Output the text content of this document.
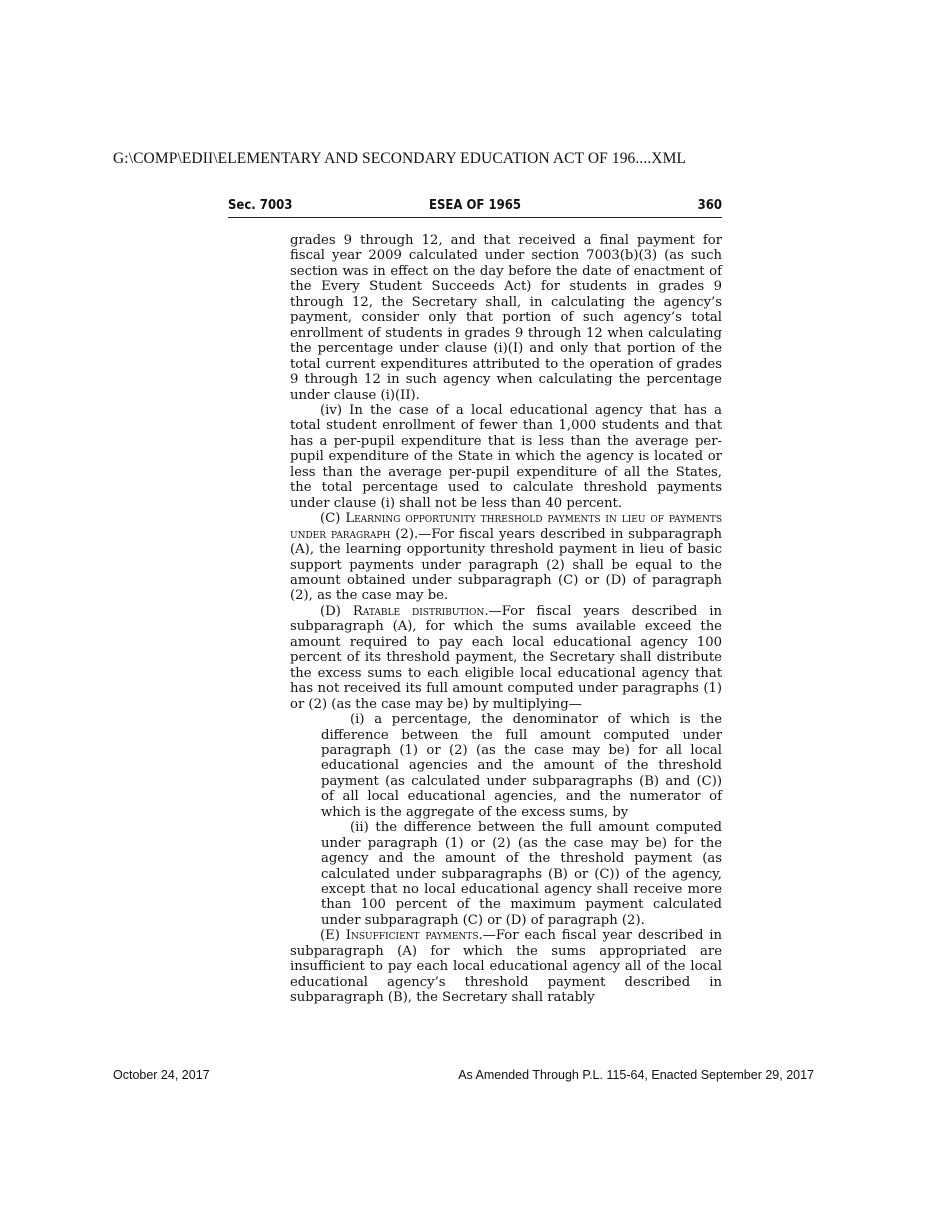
G:\COMP\EDII\ELEMENTARY AND SECONDARY EDUCATION ACT OF 196....XML
Sec. 7003	ESEA OF 1965	360

grades 9 through 12, and that received a final payment for fiscal year 2009 calculated under section 7003(b)(3) (as such section was in effect on the day before the date of enactment of the Every Student Succeeds Act) for students in grades 9 through 12, the Secretary shall, in calculating the agency’s payment, consider only that portion of such agency’s total enrollment of students in grades 9 through 12 when calculating the percentage under clause (i)(I) and only that portion of the total current expenditures attributed to the operation of grades 9 through 12 in such agency when calculating the percentage under clause (i)(II).

(iv) In the case of a local educational agency that has a total student enrollment of fewer than 1,000 students and that has a per-pupil expenditure that is less than the average per-pupil expenditure of the State in which the agency is located or less than the average per-pupil expenditure of all the States, the total percentage used to calculate threshold payments under clause (i) shall not be less than 40 percent.

(C) Learning opportunity threshold payments in lieu of payments under paragraph (2).—For fiscal years described in subparagraph (A), the learning opportunity threshold payment in lieu of basic support payments under paragraph (2) shall be equal to the amount obtained under subparagraph (C) or (D) of paragraph (2), as the case may be.

(D) Ratable distribution.—For fiscal years described in subparagraph (A), for which the sums available exceed the amount required to pay each local educational agency 100 percent of its threshold payment, the Secretary shall distribute the excess sums to each eligible local educational agency that has not received its full amount computed under paragraphs (1) or (2) (as the case may be) by multiplying—

(i) a percentage, the denominator of which is the difference between the full amount computed under paragraph (1) or (2) (as the case may be) for all local educational agencies and the amount of the threshold payment (as calculated under subparagraphs (B) and (C)) of all local educational agencies, and the numerator of which is the aggregate of the excess sums, by

(ii) the difference between the full amount computed under paragraph (1) or (2) (as the case may be) for the agency and the amount of the threshold payment (as calculated under subparagraphs (B) or (C)) of the agency, except that no local educational agency shall receive more than 100 percent of the maximum payment calculated under subparagraph (C) or (D) of paragraph (2).

(E) Insufficient payments.—For each fiscal year described in subparagraph (A) for which the sums appropriated are insufficient to pay each local educational agency all of the local educational agency’s threshold payment described in subparagraph (B), the Secretary shall ratably

October 24, 2017	As Amended Through P.L. 115-64, Enacted September 29, 2017
